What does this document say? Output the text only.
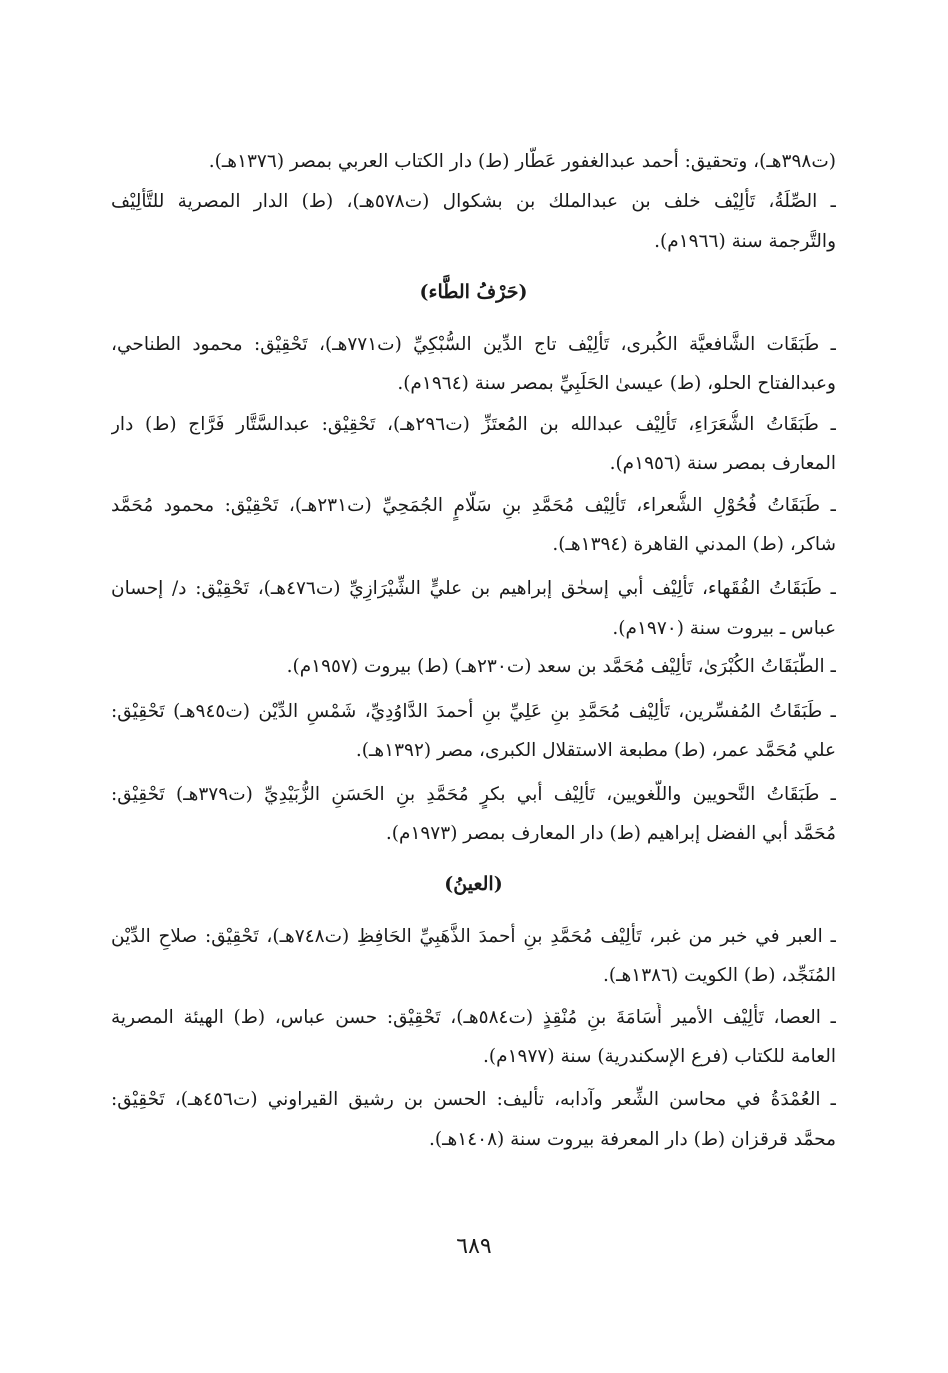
(ت٣٩٨هـ)، وتحقيق: أحمد عبدالغفور عَطَّار (ط) دار الكتاب العربي بمصر (١٣٧٦هـ).
ـ الصِّلَةُ، تَأْلِيْف خلف بن عبدالملك بن بشكوال (ت٥٧٨هـ)، (ط) الدار المصرية للتَّأْلِيْف
والتَّرجمة سنة (١٩٦٦م).
(حَرْفُ الطَّاء)
ـ طَبَقَات الشَّافعيَّة الكُبرى، تَأْلِيْف تاج الدِّين السُّبْكِيِّ (ت٧٧١هـ)، تَحْقِيْق: محمود الطناحي،
وعبدالفتاح الحلو، (ط) عيسىٰ الحَلَبِيِّ بمصر سنة (١٩٦٤م).
ـ طَبَقَاتُ الشُّعَرَاءِ، تَأْلِيْف عبدالله بن المُعتَزِّ (ت٢٩٦هـ)، تَحْقِيْق: عبدالسَّتَّار فَرَّاج (ط) دار
المعارف بمصر سنة (١٩٥٦م).
ـ طَبَقَاتُ فُحُوْلِ الشُّعراء، تَأْلِيْف مُحَمَّدِ بنِ سَلَّامٍ الجُمَحِيِّ (ت٢٣١هـ)، تَحْقِيْق: محمود مُحَمَّد
شاكر، (ط) المدني القاهرة (١٣٩٤هـ).
ـ طَبَقَاتُ الفُقَهاء، تَأْلِيْف أبي إسحٰق إبراهيم بن عليٍّ الشِّيْرَازِيِّ (ت٤٧٦هـ)، تَحْقِيْق: د/ إحسان
عباس ـ بيروت سنة (١٩٧٠م).
ـ الطَّبَقَاتُ الكُبْرَىٰ، تَأْلِيْف مُحَمَّد بن سعد (ت٢٣٠هـ) (ط) بيروت (١٩٥٧م).
ـ طَبَقَاتُ المُفسِّرين، تَأْلِيْف مُحَمَّدِ بنِ عَلِيِّ بنِ أحمدَ الدَّاوُدِيِّ، شَمْسِ الدِّيْن (ت٩٤٥هـ) تَحْقِيْق:
علي مُحَمَّد عمر، (ط) مطبعة الاستقلال الكبرى، مصر (١٣٩٢هـ).
ـ طَبَقَاتُ النَّحويين واللُّغويين، تَأْلِيْف أبي بكرٍ مُحَمَّدِ بنِ الحَسَنِ الزُّبَيْدِيِّ (ت٣٧٩هـ) تَحْقِيْق:
مُحَمَّد أبي الفضل إبراهيم (ط) دار المعارف بمصر (١٩٧٣م).
(العينُ)
ـ العبر في خبر من غبر، تَأْلِيْف مُحَمَّدِ بنِ أحمدَ الذَّهَبِيِّ الحَافِظِ (ت٧٤٨هـ)، تَحْقِيْق: صلاحِ الدِّيْن
المُنَجِّد، (ط) الكويت (١٣٨٦هـ).
ـ العصا، تَأْلِيْف الأمير أُسَامَةَ بنِ مُنْقِذٍ (ت٥٨٤هـ)، تَحْقِيْق: حسن عباس، (ط) الهيئة المصرية
العامة للكتاب (فرع الإسكندرية) سنة (١٩٧٧م).
ـ العُمْدَةُ في محاسن الشِّعر وآدابه، تأليف: الحسن بن رشيق القيراوني (ت٤٥٦هـ)، تَحْقِيْق:
محمَّد قرقزان (ط) دار المعرفة بيروت سنة (١٤٠٨هـ).
٦٨٩
